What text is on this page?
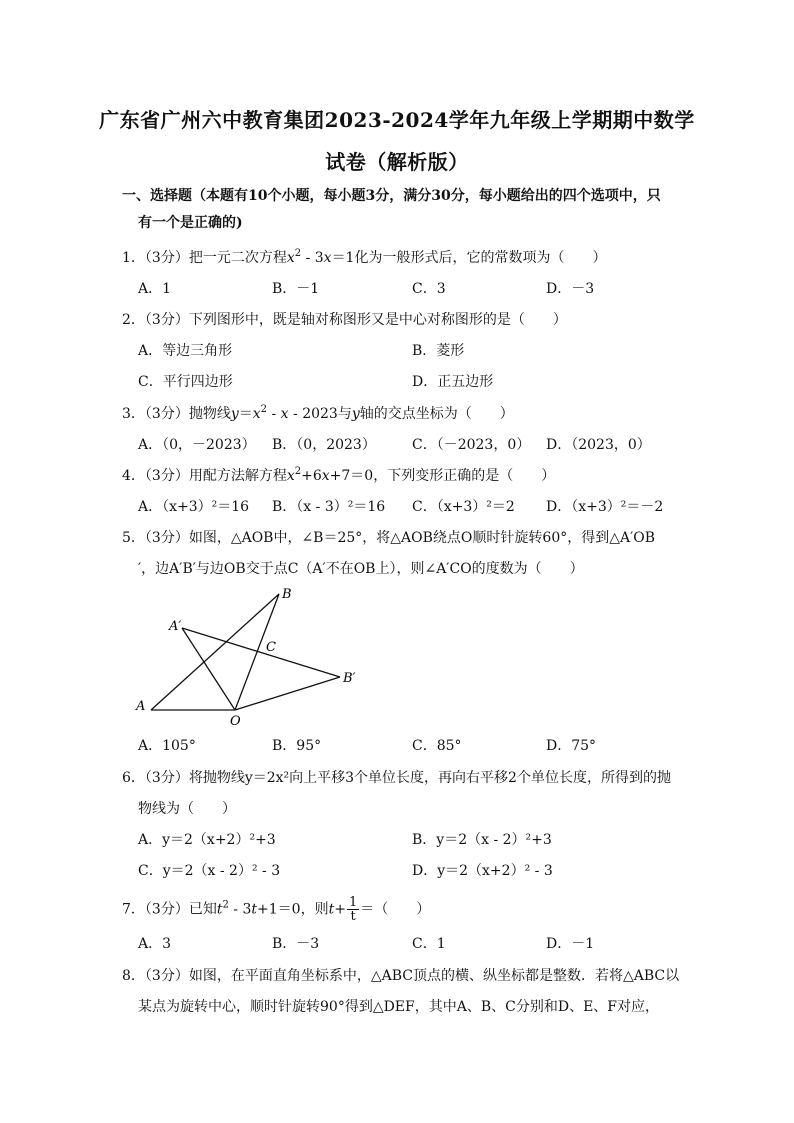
广东省广州六中教育集团2023-2024学年九年级上学期期中数学
试卷（解析版）
一、选择题（本题有10个小题，每小题3分，满分30分，每小题给出的四个选项中，只
有一个是正确的)
1．（3分）把一元二次方程$x^2 - 3x=1$化为一般形式后，它的常数项为（　　）
A．1	B．－1	C．3	D．－3
2．（3分）下列图形中，既是轴对称图形又是中心对称图形的是（　　）
A．等边三角形	B．菱形
C．平行四边形	D．正五边形
3．（3分）抛物线$y=x^2 - x - 2023$与y轴的交点坐标为（　　）
A．（0，－2023） B．（0，2023）	C．（－2023，0） D．（2023，0）
4．（3分）用配方法解方程$x^2+6x+7=0$，下列变形正确的是（　　）
A．（x+3）²＝16 B．（x - 3）²＝16 C．（x+3）²＝2 D．（x+3）²＝－2
5．（3分）如图，△AOB中，∠B＝25°，将△AOB绕点O顺时针旋转60°，得到△A′OB
′，边A′B′与边OB交于点C（A′不在OB上），则∠A′CO的度数为（　　）
A
O
B
A′
B′
C
A．105°	B．95°	C．85°	D．75°
6．（3分）将抛物线y＝2x²向上平移3个单位长度，再向右平移2个单位长度，所得到的抛
物线为（　　）
A．y＝2（x+2）²+3	B．y＝2（x - 2）²+3
C．y＝2（x - 2）² - 3	D．y＝2（x+2）² - 3
7．（3分）已知$t^2 - 3t+1=0$，则$t+ \frac{1}{t}$ ＝（　　）
A．3	B．－3	C．1	D．－1
8．（3分）如图，在平面直角坐标系中，△ABC顶点的横、纵坐标都是整数．若将△ABC以
某点为旋转中心，顺时针旋转90°得到△DEF，其中A、B、C分别和D、E、F对应，
